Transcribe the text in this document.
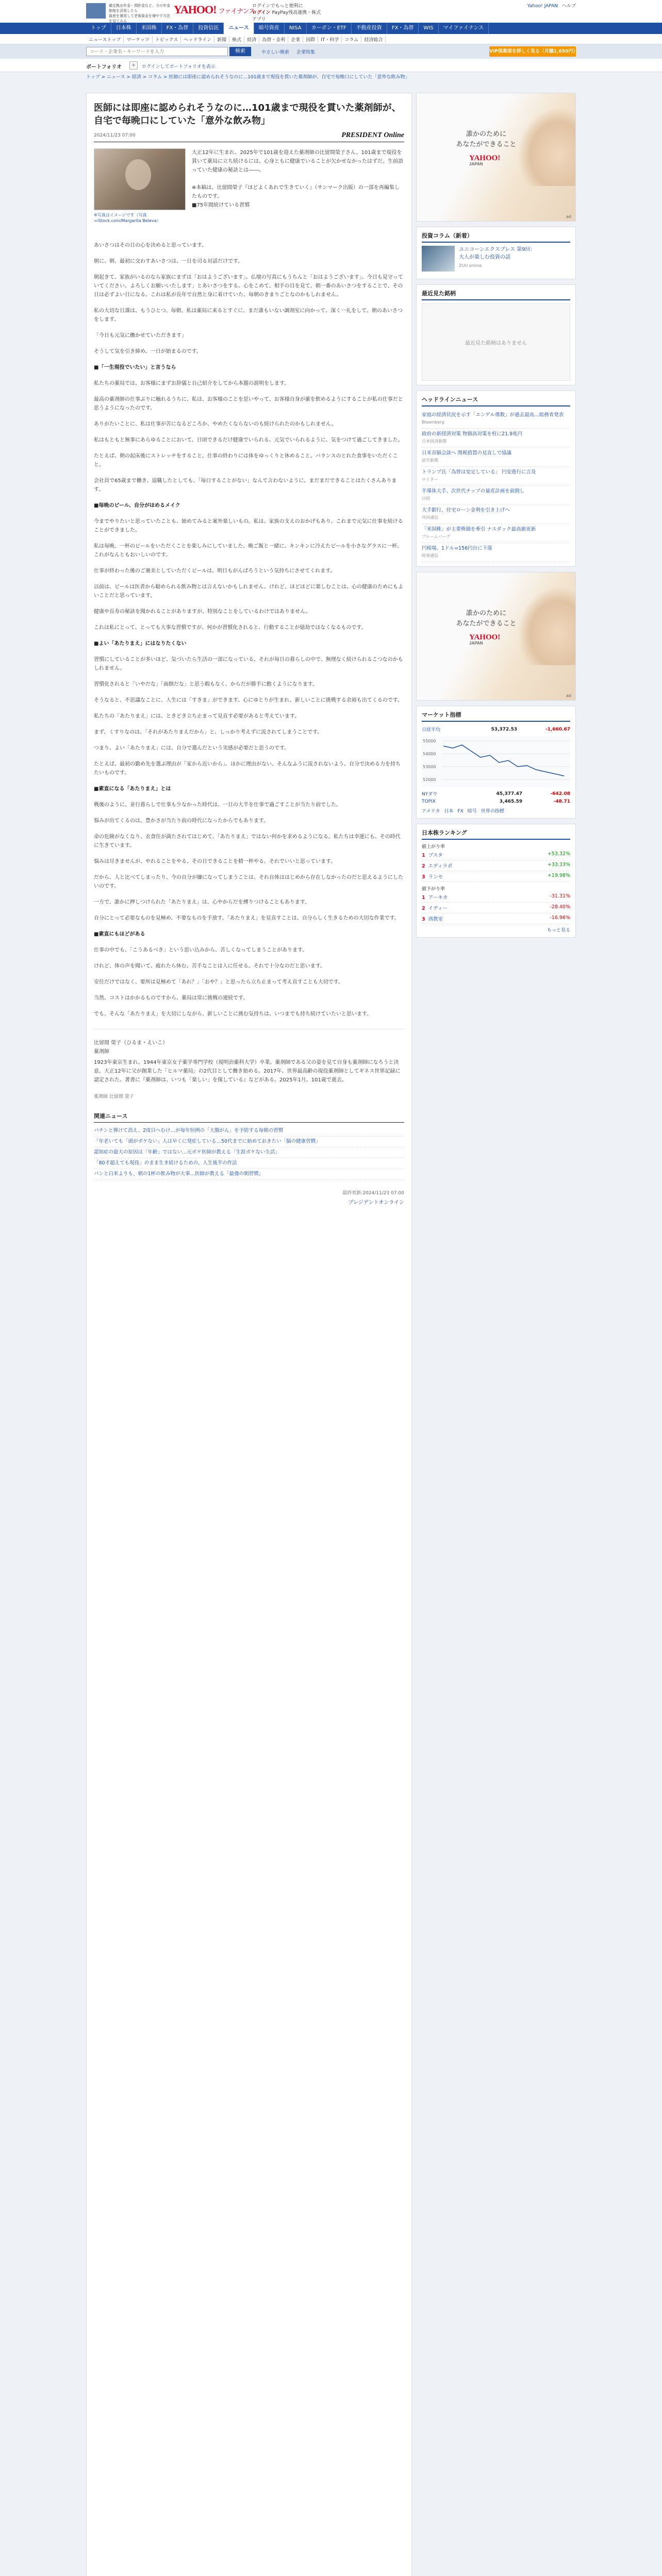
確定拠出年金・預貯金など、今の年金制度を活用したら
資産を運用して老後資金を増やす方法を見てみる
YAHOO! ファイナンス
ログインでもっと便利に
ログイン PayPay残高連携・株式アプリ
Yahoo! JAPAN ヘルプ
トップ	日本株	米国株	FX・為替	投資信託	ニュース	暗号資産	NISA	カーボン・ETF	不動産投資	FX・為替	WIS	マイファイナンス
ニューストップ	マーケッツ	トピックス	ヘッドライン	新聞	株式	経済	為替・金利	企業	国際	IT・科学	コラム	経済総合
コード・企業名・キーワードを入力
検索	やさしい検索 企業特集	VIP倶楽部を詳しく見る（月額1,650円）
ポートフォリオ	+	ログインしてポートフォリオを表示
トップ > ニュース > 経済 > コラム > 医師には即座に認められそうなのに…101歳まで現役を貫いた薬剤師が、自宅で毎晩口にしていた「意外な飲み物」
医師には即座に認められそうなのに…101歳まで現役を貫いた薬剤師が、自宅で毎晩口にしていた「意外な飲み物」
2024/11/23 07:00	PRESIDENT Online
※写真はイメージです（写真=iStock.com/Margarita Beleva）
大正12年に生まれ、2025年で101歳を迎えた薬剤師の比留間榮子さん。101歳まで現役を貫いて薬局に立ち続けるには、心身ともに健康でいることが欠かせなかったはずだ。生前語っていた健康の秘訣とは――。

※本稿は、比留間榮子『ほどよくあれで生きていく』（サンマーク出版）の一部を再編集したものです。
■75年間続けている習慣

あいさつはその日の心を決めると思っています。

朝に、朝、最初に交わすあいさつは、一日を司る対話だけです。

朝起きて、家族がいるのなら家族にまずは「おはようございます」。仏壇の写真にもうちんと「おはようございます」。今日も見守っていてください。よろしくお願いいたします」とあいさつをする。心をこめて、相手の目を見て、朝一番のあいさつをすることで、その日は必ずよい日になる。これは私が長年で自然と身に着けていた、毎朝のきまりごとなのかもしれません。

私の大切な日課は、もうひとつ。毎朝、私は薬局に来るとすぐに、まだ誰もいない調剤室に向かって、深く一礼をして、朝のあいさつをします。

「今日も元気に働かせていただきます」

そうして気を引き締め、一日が始まるのです。

■「一生現役でいたい」と言うなら

私たちの薬局では、お客様にまずお辞儀と自己紹介をしてから本題の説明をします。

最高の薬剤師の仕事ぶりに触れるうちに、私は、お客様のことを思いやって、お客様自身が薬を飲めるようにすることが私の仕事だと思うようになったのです。

ありがたいことに、私は仕事が苦になるどころか、やめたくならないのも続けられたのかもしれません。

私はもともと無事にあらゆることにおいて、日頃できるだけ健康でいられる、元気でいられるように、気をつけて過ごしてきました。

たとえば、朝の起床後にストレッチをすること。仕事の終わりには体をゆっくりと休めること。バランスのとれた食事をいただくこと。

会社員で65歳まで働き、退職したとしても、「毎日することがない」なんて言わないように。まだまだできることはたくさんあります。

■毎晩のビール、自分がほめるメイク

今までやりたいと思っていたことも、始めてみると案外楽しいもの。私は、家族の支えのおかげもあり、これまで元気に仕事を続けることができました。

私は毎晩、一杯のビールをいただくことを楽しみにしていました。晩ご飯と一緒に、キンキンに冷えたビールを小さなグラスに一杯。これがなんともおいしいのです。

仕事が終わった後のご褒美としていただくビールは、明日もがんばろうという気持ちにさせてくれます。

以前は、ビールは医者から勧められる飲み物とは言えないかもしれません。けれど、ほどほどに楽しむことは、心の健康のためにもよいことだと思っています。

健康や長寿の秘訣を聞かれることがありますが、特別なことをしているわけではありません。

これは私にとって、とっても大事な習慣ですが、何かが習慣化されると、行動することが億劫ではなくなるものです。

■よい「あたりまえ」にはなりたくない

習慣にしていることが多いほど、気づいたら生活の一部になっている。それが毎日の暮らしの中で、無理なく続けられるこつなのかもしれません。

習慣化されると「いやだな」「面倒だな」と思う暇もなく、からだが勝手に動くようになります。

そうなると、不思議なことに、人生には「すきま」ができます。心にゆとりが生まれ、新しいことに挑戦する余裕も出てくるのです。

私たちの「あたりまえ」には、ときどき立ち止まって見直す必要があると考えています。

まず、くすりなのは、「それがあたりまえだから」と、しっかり考えずに流されてしまうことです。

つまり、よい「あたりまえ」には、自分で選んだという実感が必要だと思うのです。

たとえば、最初の勤め先を選ぶ理由が「家から近いから」、ほかに理由がない。そんなふうに流されないよう、自分で決める力を持ちたいものです。

■素直になる「あたりまえ」とは

戦後のように、並行暮らしで仕事も少なかった時代は、一日の大半を仕事で過ごすことが当たり前でした。

悩みが出てくるのは、豊かさが当たり前の時代になったからでもあります。

命の危険がなくなり、衣食住が満たされてはじめて、「あたりまえ」ではない何かを求めるようになる。私たちは幸運にも、その時代に生きています。

悩みは尽きませんが、やれることをやる。その日できることを精一杯やる。それでいいと思っています。

だから、人と比べてしまったり、今の自分が嫌になってしまうことは、それ自体ははじめから存在しなかったのだと思えるようにしたいのです。

一方で、誰かに押しつけられた「あたりまえ」は、心やからだを縛りつけることもあります。

自分にとって必要なものを見極め、不要なものを手放す。「あたりまえ」を見直すことは、自分らしく生きるための大切な作業です。

■素直にもほどがある

仕事の中でも、「こうあるべき」という思い込みから、苦しくなってしまうことがあります。

けれど、体の声を聞いて、疲れたら休む。苦手なことは人に任せる。それで十分なのだと思います。

安住だけではなく、要所は見極めて「あれ？」「おや？」と思ったら立ち止まって考え直すことも大切です。

当然、コストはかかるものですから、薬局は常に挑戦の連続です。

でも、そんな「あたりまえ」を大切にしながら、新しいことに挑む気持ちは、いつまでも持ち続けていたいと思います。

比留間 榮子（ひるま・えいこ）
薬剤師
1923年東京生まれ。1944年東京女子薬学専門学校（現明治薬科大学）卒業。薬剤師である父の姿を見て自身も薬剤師になろうと決意。大正12年に父が創業した「ヒルマ薬局」の2代目として働き始める。2017年、世界最高齢の現役薬剤師としてギネス世界記録に認定された。著書に『薬剤師は、いつも「楽しい」を探している』などがある。2025年1月、101歳で逝去。
薬剤師 比留間 榮子
関連ニュース
パチンと弾けて消え、2度目へむけ…が毎年恒例の「大腸がん」を予防する毎朝の習慣
「年老いても「頭がボケない」人は早くに発症している…50代までに始めておきたい「脳の健康習慣」
認知症の最大の原因は「年齢」ではない…元ボケ医師が教える「生涯ボケない生活」
「80才超えても現役」のまま生き続けるための、人生後半の作法
パンと白米よりも、朝の1杯の飲み物が大事…医師が教える「最強の朝習慣」
最終更新:2024/11/23 07:00
プレジデントオンライン
誰かのために
あなたができること
YAHOO!
JAPAN
ad
投資コラム（新着）
ユニコーンエクスプレス 第9回：
大人が楽しむ投資の話
ZUU online
最近見た銘柄
最近見た銘柄はありません
ヘッドラインニュース
家庭の経済状況を示す「エンゲル係数」が過去最高…総務省発表
Bloomberg
政府の新経済対策 物価高対策を柱に21.9兆円
日本経済新聞
日米首脳会談へ 関税措置の見直しで協議
読売新聞
トランプ氏「為替は安定している」 円安進行に言及
ロイター
半導体大手、次世代チップの量産計画を前倒し
日経
大手銀行、住宅ローン金利を引き上げへ
共同通信
「米国株」が主要株価を牽引 ナスダック最高値更新
ブルームバーグ
円相場、1ドル=156円台に下落
時事通信
誰かのために
あなたができること
YAHOO!
JAPAN
ad
マーケット指標
日経平均	53,372.53	-1,660.67
55000
54000
53000
52000
NYダウ	45,377.47	-642.08
TOPIX	3,465.59	-48.71
アメリカ 日本 FX 暗号 世界の指標
日本株ランキング
値上がり率
1 ブスタ	+53.32%
2 エディラボ	+33.33%
3 ランセ	+19.98%
値下がり率
1 アーキカ	-31.31%
2 イディー	-28.40%
3 西教室	-16.96%
もっと見る
